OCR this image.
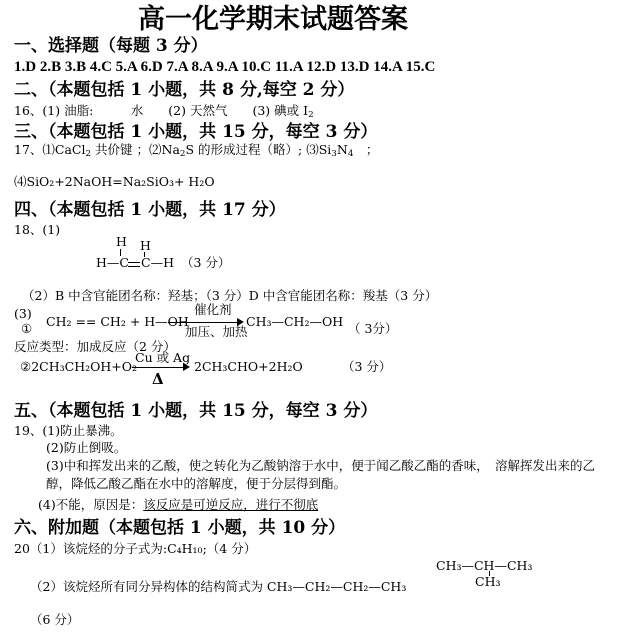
高一化学期末试题答案
一、选择题（每题 3 分）
1.D 2.B 3.B 4.C 5.A 6.D 7.A 8.A 9.A 10.C 11.A 12.D 13.D 14.A 15.C
二、（本题包括 1 小题，共 8 分,每空 2 分）
16、(1) 油脂:　　　水　　(2) 天然气　　(3) 碘或 $I_2$
三、（本题包括 1 小题，共 15 分，每空 3 分）
17、⑴CaCl$_2$ 共价键 ；$⑵Na_2S$ 的形成过程（略）; $⑶Si_3N_4$　；
⑷SiO₂+2NaOH=Na₂SiO₃+ H₂O
四、（本题包括 1 小题，共 17 分）
18、(1)
H H
H—C C—H （3 分）
（2）B 中含官能团名称：羟基；（3 分）D 中含官能团名称：羧基（3 分）
(3)
① CH₂ == CH₂ + H—OH
催化剂
加压、加热
CH₃—CH₂—OH （ 3分）
反应类型：加成反应（2 分）
②2CH₃CH₂OH+O₂
Cu 或 Ag
Δ
2CH₃CHO+2H₂O	（3 分）
五、（本题包括 1 小题，共 15 分，每空 3 分）
19、(1)防止暴沸。
(2)防止倒吸。
(3)中和挥发出来的乙酸，使之转化为乙酸钠溶于水中，便于闻乙酸乙酯的香味，　溶解挥发出来的乙
醇，降低乙酸乙酯在水中的溶解度，便于分层得到酯。
(4)不能，原因是：该反应是可逆反应，进行不彻底
六、附加题（本题包括 1 小题，共 10 分）
20（1）该烷烃的分子式为:C₄H₁₀;（4 分）
CH₃—CH—CH₃
CH₃
（2）该烷烃所有同分异构体的结构简式为 CH₃—CH₂—CH₂—CH₃
（6 分）
